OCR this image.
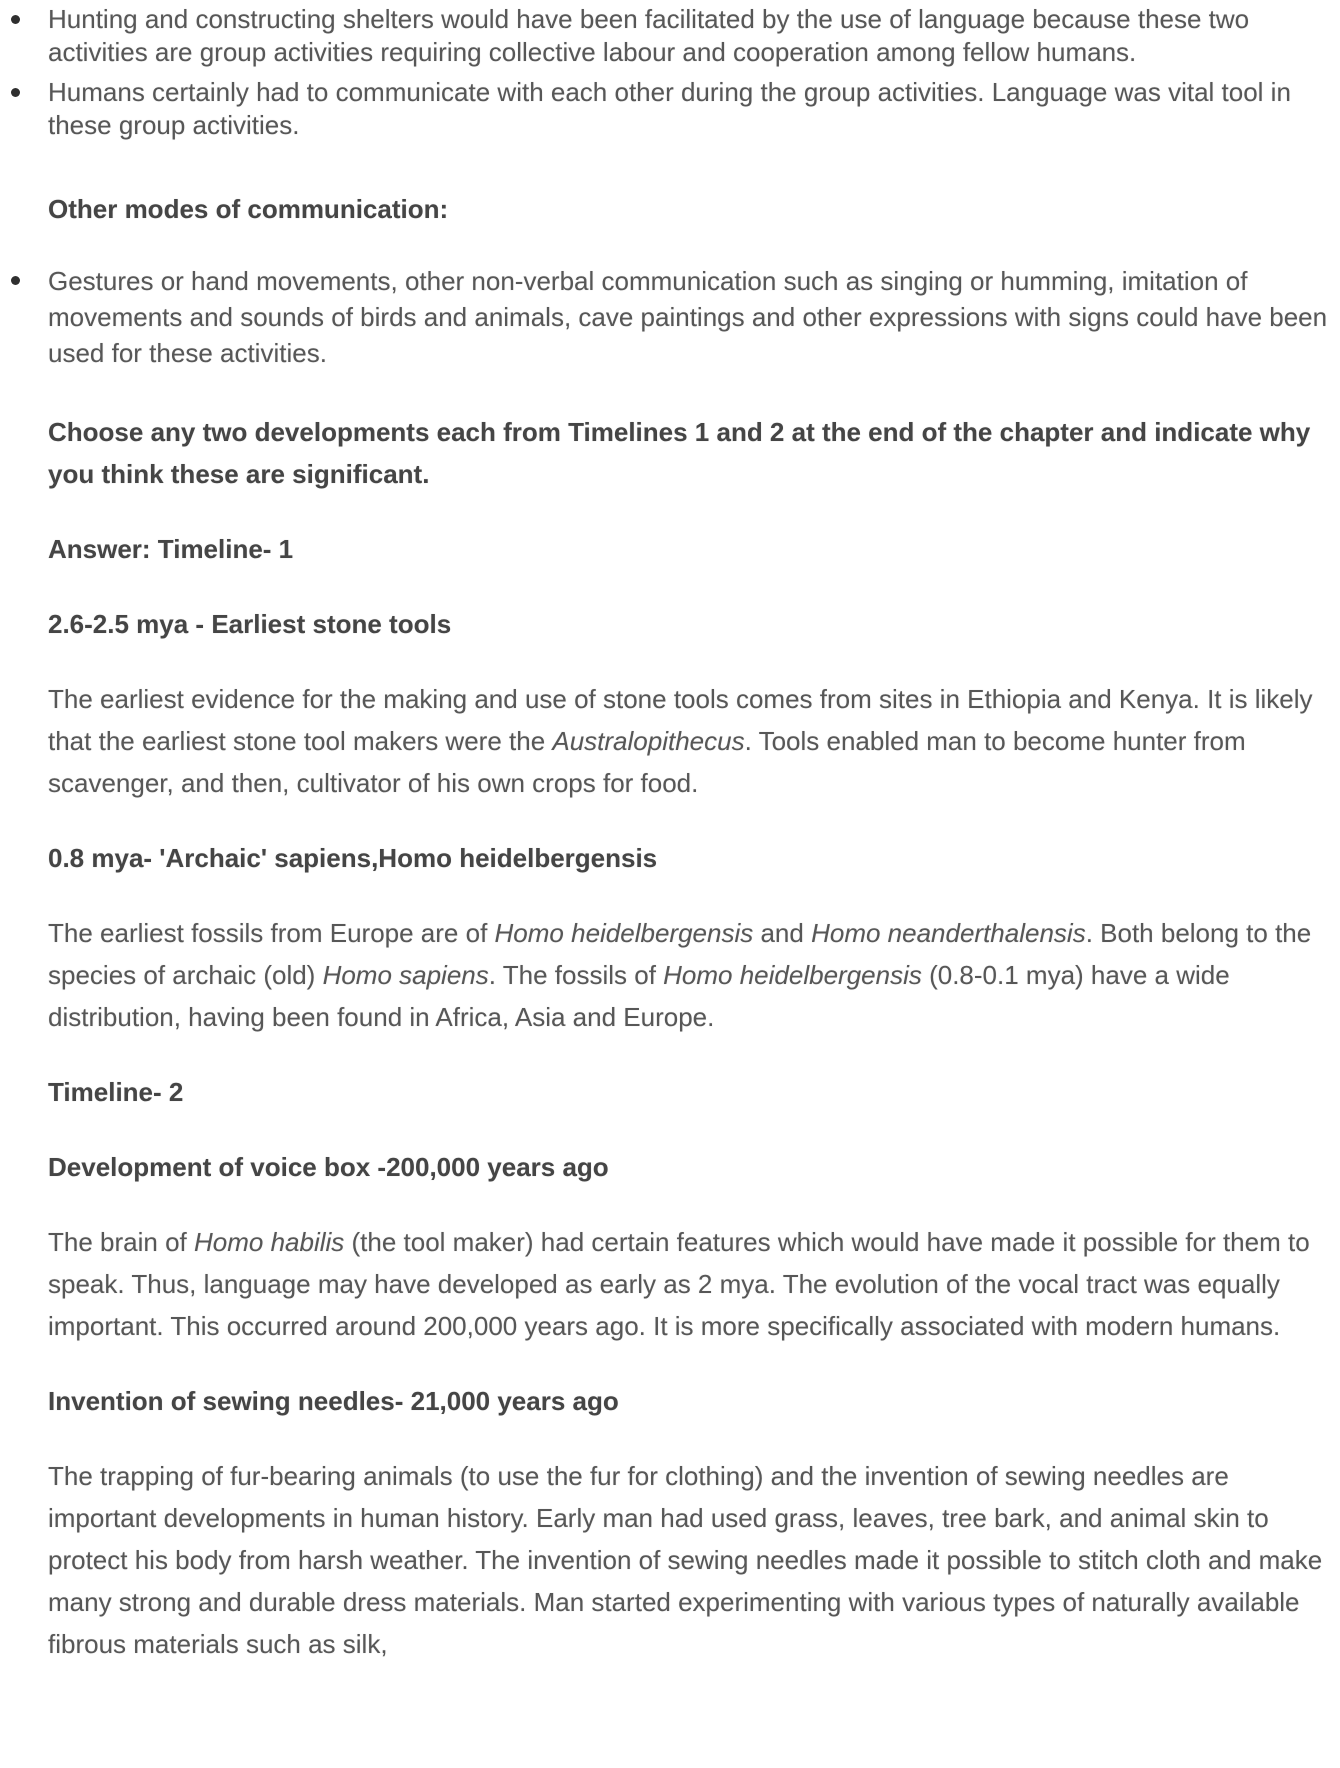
Hunting and constructing shelters would have been facilitated by the use of language because these two activities are group activities requiring collective labour and cooperation among fellow humans.
Humans certainly had to communicate with each other during the group activities. Language was vital tool in these group activities.
Other modes of communication:
Gestures or hand movements, other non-verbal communication such as singing or humming, imitation of movements and sounds of birds and animals, cave paintings and other expressions with signs could have been used for these activities.
Choose any two developments each from Timelines 1 and 2 at the end of the chapter and indicate why you think these are significant.
Answer: Timeline- 1
2.6-2.5 mya - Earliest stone tools

The earliest evidence for the making and use of stone tools comes from sites in Ethiopia and Kenya. It is likely that the earliest stone tool makers were the Australopithecus. Tools enabled man to become hunter from scavenger, and then, cultivator of his own crops for food.

0.8 mya- 'Archaic' sapiens,Homo heidelbergensis

The earliest fossils from Europe are of Homo heidelbergensis and Homo neanderthalensis. Both belong to the species of archaic (old) Homo sapiens. The fossils of Homo heidelbergensis (0.8-0.1 mya) have a wide distribution, having been found in Africa, Asia and Europe.

Timeline- 2
Development of voice box -200,000 years ago

The brain of Homo habilis (the tool maker) had certain features which would have made it possible for them to speak. Thus, language may have developed as early as 2 mya. The evolution of the vocal tract was equally important. This occurred around 200,000 years ago. It is more specifically associated with modern humans.

Invention of sewing needles- 21,000 years ago

The trapping of fur-bearing animals (to use the fur for clothing) and the invention of sewing needles are important developments in human history. Early man had used grass, leaves, tree bark, and animal skin to protect his body from harsh weather. The invention of sewing needles made it possible to stitch cloth and make many strong and durable dress materials. Man started experimenting with various types of naturally available fibrous materials such as silk,
